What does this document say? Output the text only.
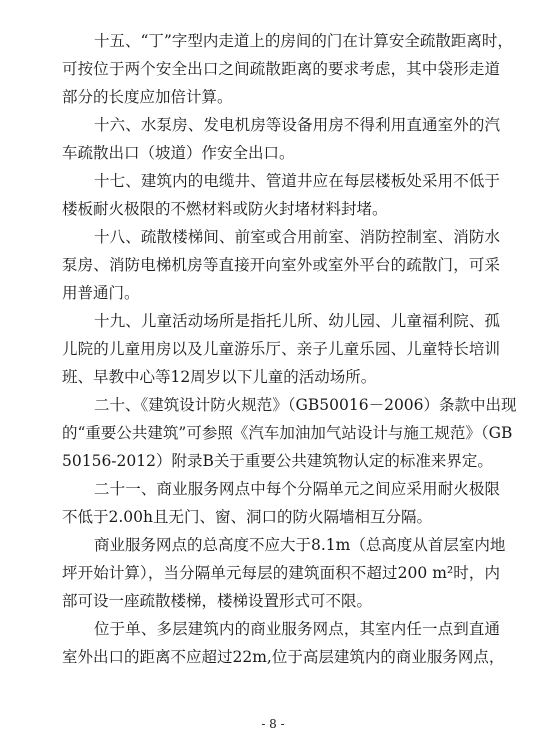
十五、“丁”字型内走道上的房间的门在计算安全疏散距离时，
可按位于两个安全出口之间疏散距离的要求考虑，其中袋形走道
部分的长度应加倍计算。
十六、水泵房、发电机房等设备用房不得利用直通室外的汽
车疏散出口（坡道）作安全出口。
十七、建筑内的电缆井、管道井应在每层楼板处采用不低于
楼板耐火极限的不燃材料或防火封堵材料封堵。
十八、疏散楼梯间、前室或合用前室、消防控制室、消防水
泵房、消防电梯机房等直接开向室外或室外平台的疏散门，可采
用普通门。
十九、儿童活动场所是指托儿所、幼儿园、儿童福利院、孤
儿院的儿童用房以及儿童游乐厅、亲子儿童乐园、儿童特长培训
班、早教中心等12周岁以下儿童的活动场所。
二十、《建筑设计防火规范》（GB50016－2006）条款中出现
的“重要公共建筑”可参照《汽车加油加气站设计与施工规范》（GB
50156-2012）附录B关于重要公共建筑物认定的标准来界定。
二十一、商业服务网点中每个分隔单元之间应采用耐火极限
不低于2.00h且无门、窗、洞口的防火隔墙相互分隔。
商业服务网点的总高度不应大于8.1m（总高度从首层室内地
坪开始计算），当分隔单元每层的建筑面积不超过200 m²时，内
部可设一座疏散楼梯，楼梯设置形式可不限。
位于单、多层建筑内的商业服务网点，其室内任一点到直通
室外出口的距离不应超过22m,位于高层建筑内的商业服务网点，
- 8 -
